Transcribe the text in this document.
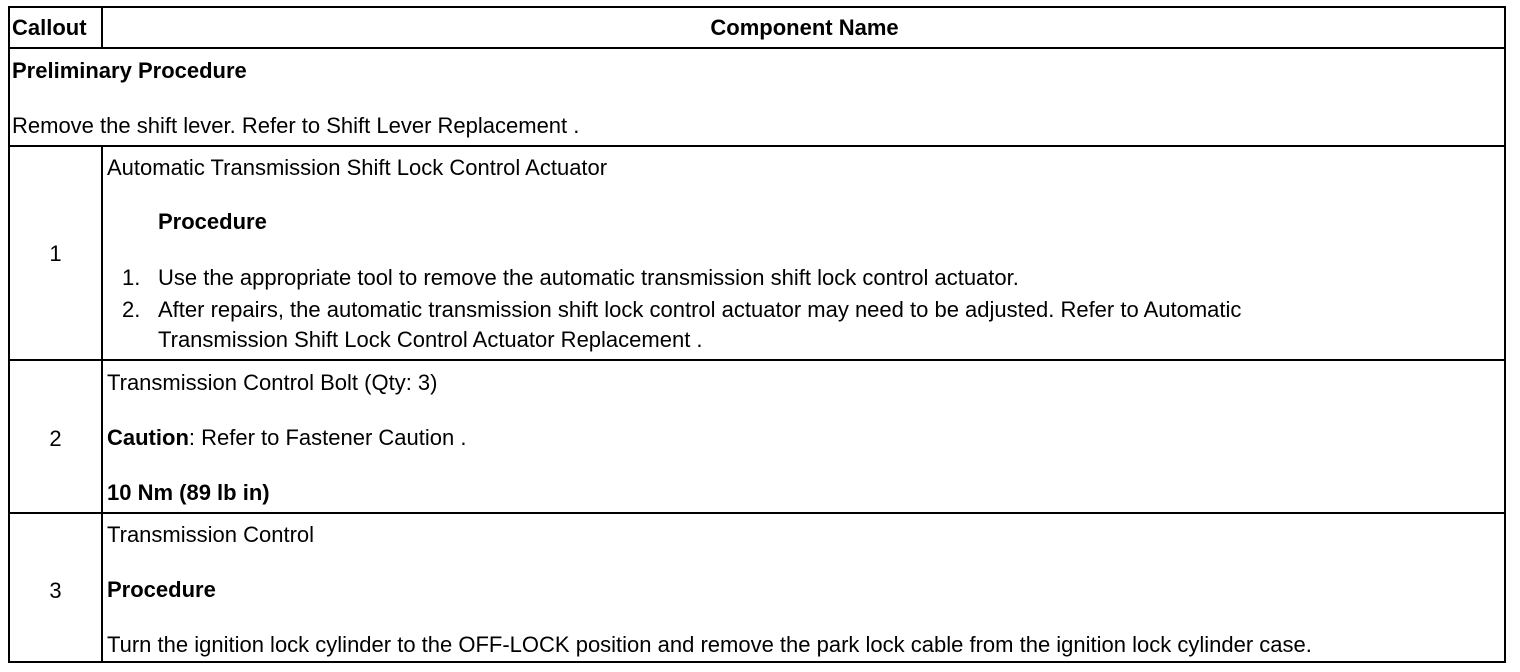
Callout	Component Name
Preliminary Procedure
Remove the shift lever. Refer to Shift Lever Replacement .
1
Automatic Transmission Shift Lock Control Actuator
Procedure
1. Use the appropriate tool to remove the automatic transmission shift lock control actuator.
2. After repairs, the automatic transmission shift lock control actuator may need to be adjusted. Refer to Automatic
Transmission Shift Lock Control Actuator Replacement .
2
Transmission Control Bolt (Qty: 3)
Caution: Refer to Fastener Caution .
10 Nm (89 lb in)
3
Transmission Control
Procedure
Turn the ignition lock cylinder to the OFF-LOCK position and remove the park lock cable from the ignition lock cylinder case.
